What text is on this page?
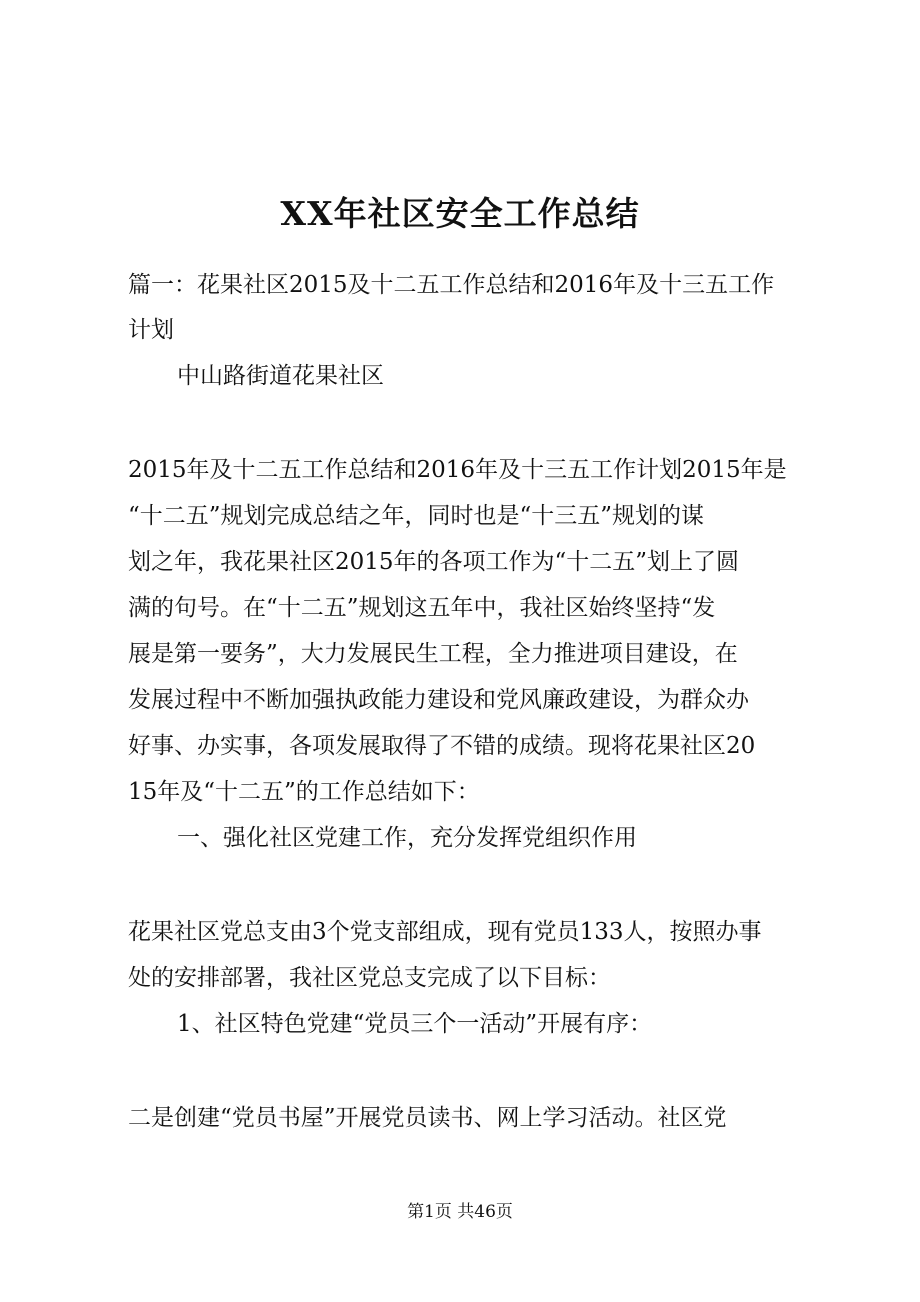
XX年社区安全工作总结
篇一：花果社区2015及十二五工作总结和2016年及十三五工作
计划
中山路街道花果社区
2015年及十二五工作总结和2016年及十三五工作计划2015年是
“十二五”规划完成总结之年，同时也是“十三五”规划的谋
划之年，我花果社区2015年的各项工作为“十二五”划上了圆
满的句号。在“十二五”规划这五年中，我社区始终坚持“发
展是第一要务”，大力发展民生工程，全力推进项目建设，在
发展过程中不断加强执政能力建设和党风廉政建设，为群众办
好事、办实事，各项发展取得了不错的成绩。现将花果社区20
15年及“十二五”的工作总结如下：
一、强化社区党建工作，充分发挥党组织作用
花果社区党总支由3个党支部组成，现有党员133人，按照办事
处的安排部署，我社区党总支完成了以下目标：
1、社区特色党建“党员三个一活动”开展有序：
二是创建“党员书屋”开展党员读书、网上学习活动。社区党
第1页 共46页
